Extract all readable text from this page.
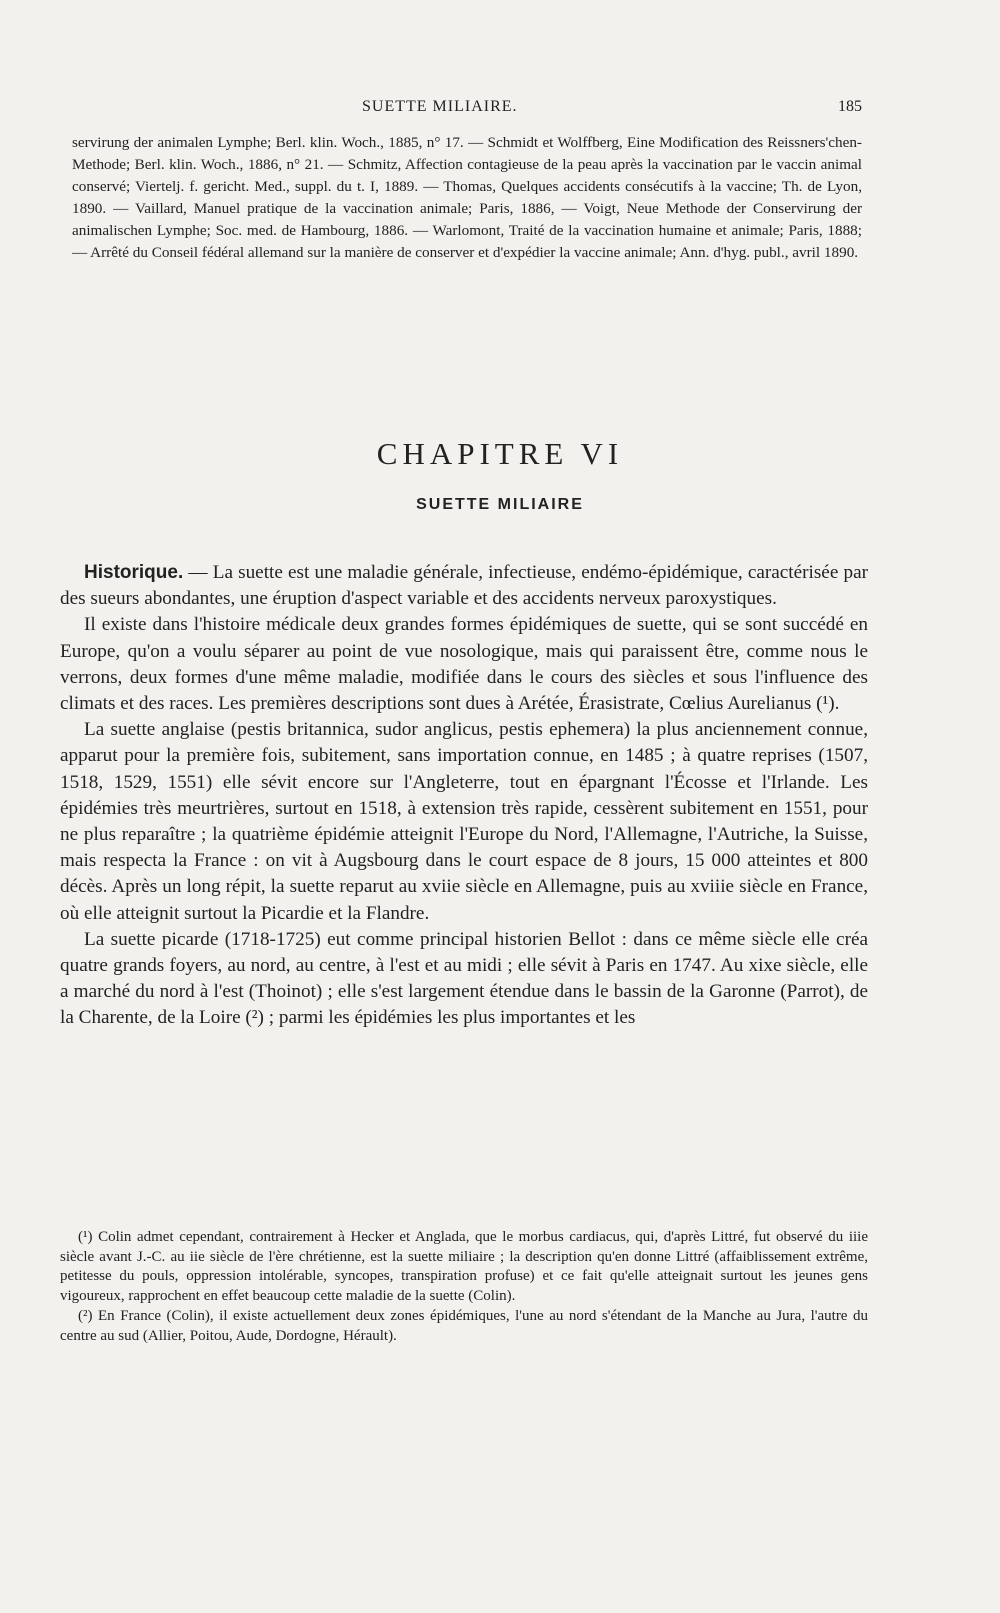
SUETTE MILIAIRE.	185

servirung der animalen Lymphe; Berl. klin. Woch., 1885, n° 17. — Schmidt et Wolffberg, Eine Modification des Reissners'chen-Methode; Berl. klin. Woch., 1886, n° 21. — Schmitz, Affection contagieuse de la peau après la vaccination par le vaccin animal conservé; Viertelj. f. gericht. Med., suppl. du t. I, 1889. — Thomas, Quelques accidents consécutifs à la vaccine; Th. de Lyon, 1890. — Vaillard, Manuel pratique de la vaccination animale; Paris, 1886, — Voigt, Neue Methode der Conservirung der animalischen Lymphe; Soc. med. de Hambourg, 1886. — Warlomont, Traité de la vaccination humaine et animale; Paris, 1888; — Arrêté du Conseil fédéral allemand sur la manière de conserver et d'expédier la vaccine animale; Ann. d'hyg. publ., avril 1890.

CHAPITRE VI
SUETTE MILIAIRE

Historique. — La suette est une maladie générale, infectieuse, endémo-épidémique, caractérisée par des sueurs abondantes, une éruption d'aspect variable et des accidents nerveux paroxystiques.

Il existe dans l'histoire médicale deux grandes formes épidémiques de suette, qui se sont succédé en Europe, qu'on a voulu séparer au point de vue nosologique, mais qui paraissent être, comme nous le verrons, deux formes d'une même maladie, modifiée dans le cours des siècles et sous l'influence des climats et des races. Les premières descriptions sont dues à Arétée, Érasistrate, Cœlius Aurelianus (¹).

La suette anglaise (pestis britannica, sudor anglicus, pestis ephemera) la plus anciennement connue, apparut pour la première fois, subitement, sans importation connue, en 1485 ; à quatre reprises (1507, 1518, 1529, 1551) elle sévit encore sur l'Angleterre, tout en épargnant l'Écosse et l'Irlande. Les épidémies très meurtrières, surtout en 1518, à extension très rapide, cessèrent subitement en 1551, pour ne plus reparaître ; la quatrième épidémie atteignit l'Europe du Nord, l'Allemagne, l'Autriche, la Suisse, mais respecta la France : on vit à Augsbourg dans le court espace de 8 jours, 15 000 atteintes et 800 décès. Après un long répit, la suette reparut au xviie siècle en Allemagne, puis au xviiie siècle en France, où elle atteignit surtout la Picardie et la Flandre.

La suette picarde (1718-1725) eut comme principal historien Bellot : dans ce même siècle elle créa quatre grands foyers, au nord, au centre, à l'est et au midi ; elle sévit à Paris en 1747. Au xixe siècle, elle a marché du nord à l'est (Thoinot) ; elle s'est largement étendue dans le bassin de la Garonne (Parrot), de la Charente, de la Loire (²) ; parmi les épidémies les plus importantes et les

(¹) Colin admet cependant, contrairement à Hecker et Anglada, que le morbus cardiacus, qui, d'après Littré, fut observé du iiie siècle avant J.-C. au iie siècle de l'ère chrétienne, est la suette miliaire ; la description qu'en donne Littré (affaiblissement extrême, petitesse du pouls, oppression intolérable, syncopes, transpiration profuse) et ce fait qu'elle atteignait surtout les jeunes gens vigoureux, rapprochent en effet beaucoup cette maladie de la suette (Colin).

(²) En France (Colin), il existe actuellement deux zones épidémiques, l'une au nord s'étendant de la Manche au Jura, l'autre du centre au sud (Allier, Poitou, Aude, Dordogne, Hérault).
